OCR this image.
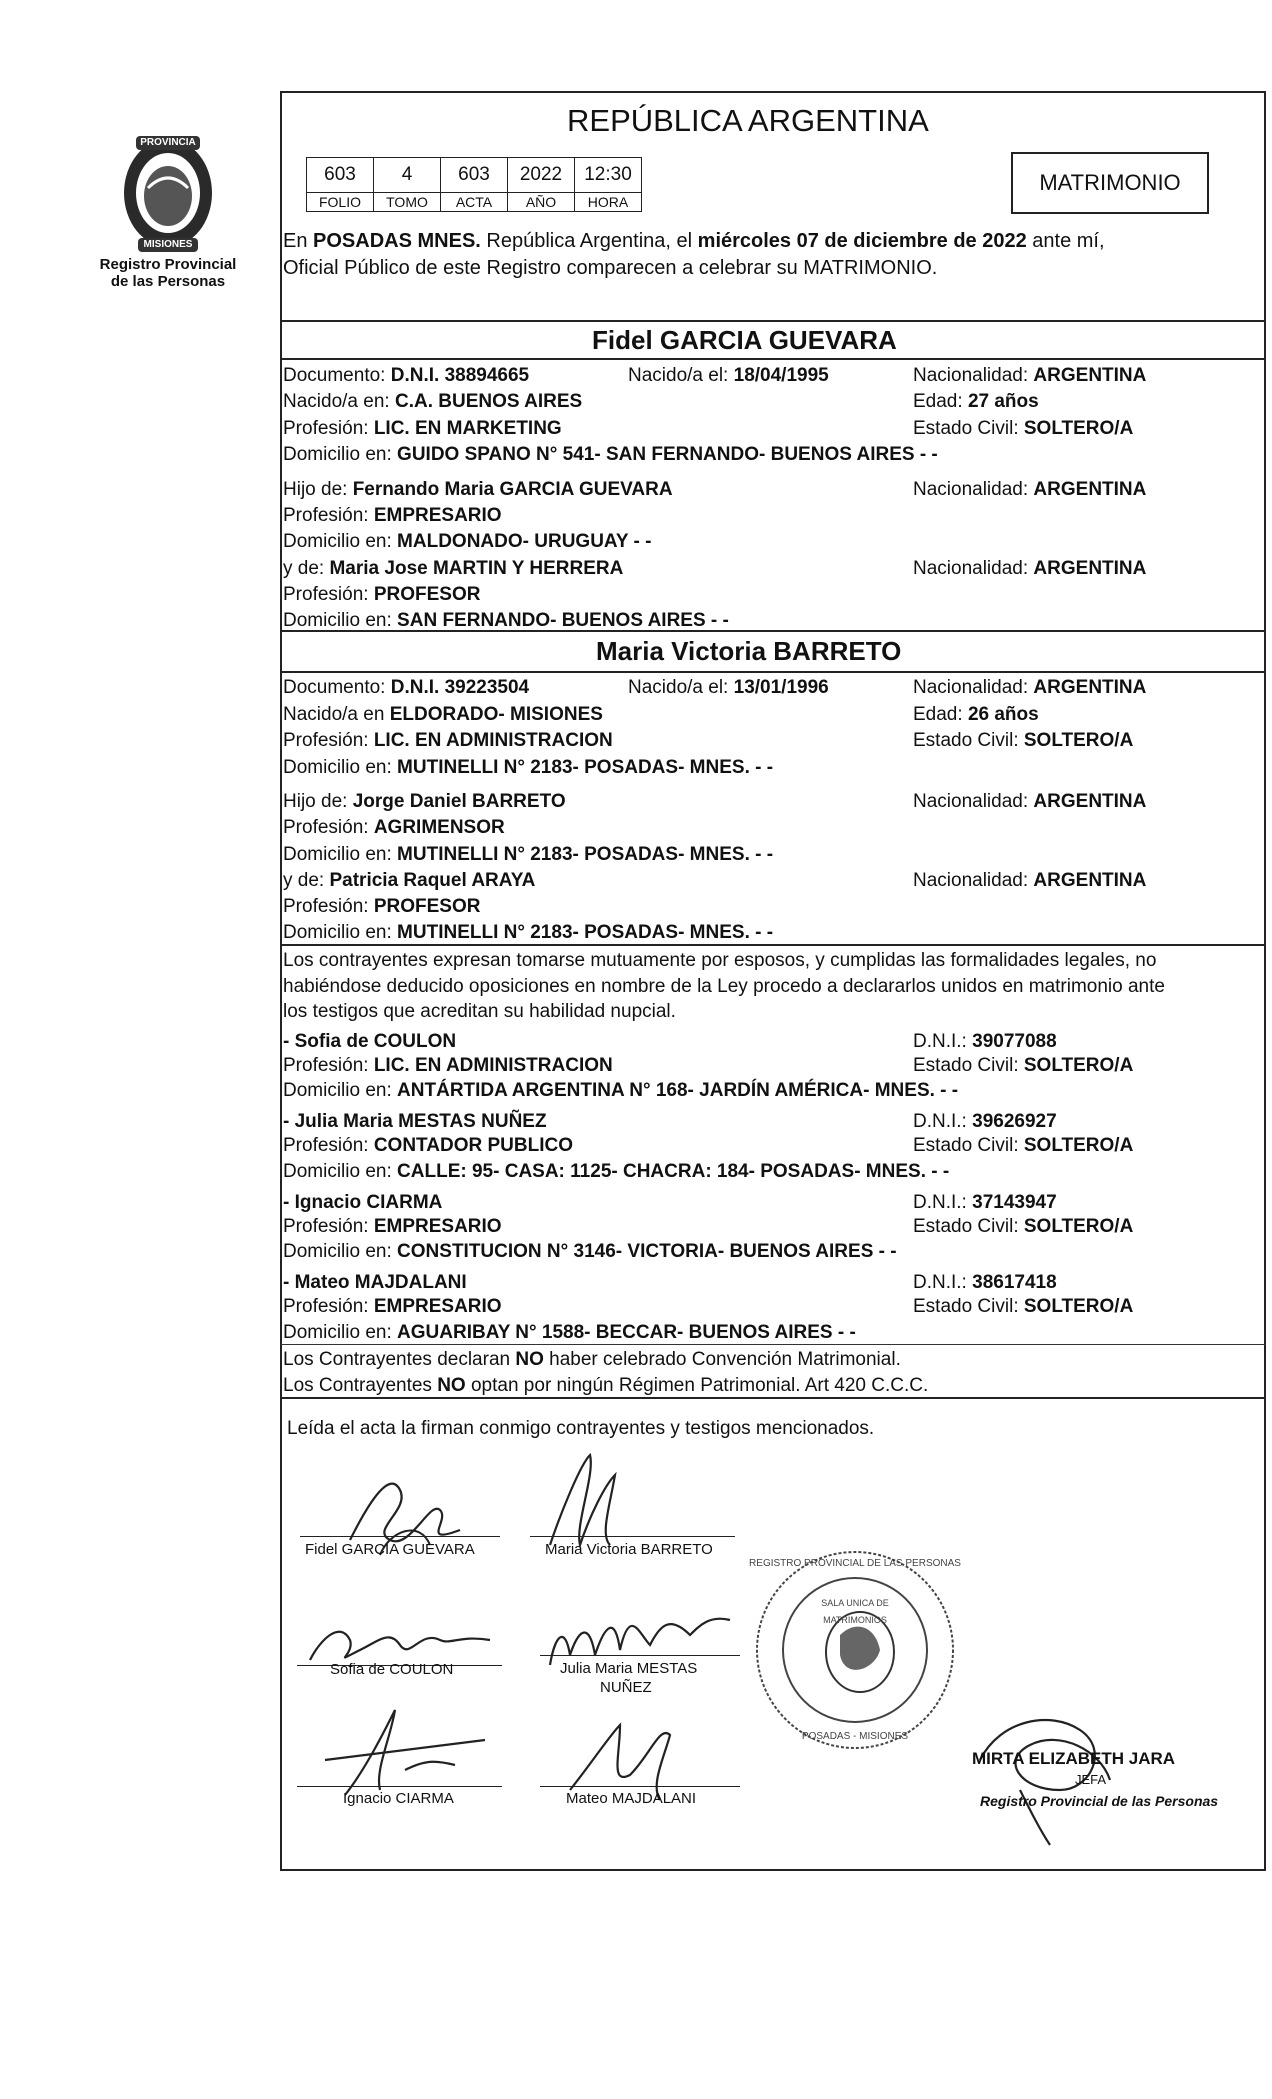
PROVINCIA
MISIONES
Registro Provincial
de las Personas
REPÚBLICA ARGENTINA
603	4	603	2022	12:30
FOLIO	TOMO	ACTA	AÑO	HORA
MATRIMONIO
En POSADAS MNES. República Argentina, el miércoles 07 de diciembre de 2022 ante mí,
Oficial Público de este Registro comparecen a celebrar su MATRIMONIO.
Fidel GARCIA GUEVARA
Documento: D.N.I. 38894665	Nacido/a el: 18/04/1995	Nacionalidad: ARGENTINA
Nacido/a en: C.A. BUENOS AIRES	Edad: 27 años
Profesión: LIC. EN MARKETING	Estado Civil: SOLTERO/A
Domicilio en: GUIDO SPANO N° 541- SAN FERNANDO- BUENOS AIRES - -
Hijo de: Fernando Maria GARCIA GUEVARA	Nacionalidad: ARGENTINA
Profesión: EMPRESARIO
Domicilio en: MALDONADO- URUGUAY - -
y de: Maria Jose MARTIN Y HERRERA	Nacionalidad: ARGENTINA
Profesión: PROFESOR
Domicilio en: SAN FERNANDO- BUENOS AIRES - -
Maria Victoria BARRETO
Documento: D.N.I. 39223504	Nacido/a el: 13/01/1996	Nacionalidad: ARGENTINA
Nacido/a en ELDORADO- MISIONES	Edad: 26 años
Profesión: LIC. EN ADMINISTRACION	Estado Civil: SOLTERO/A
Domicilio en: MUTINELLI N° 2183- POSADAS- MNES. - -
Hijo de: Jorge Daniel BARRETO	Nacionalidad: ARGENTINA
Profesión: AGRIMENSOR
Domicilio en: MUTINELLI N° 2183- POSADAS- MNES. - -
y de: Patricia Raquel ARAYA	Nacionalidad: ARGENTINA
Profesión: PROFESOR
Domicilio en: MUTINELLI N° 2183- POSADAS- MNES. - -
Los contrayentes expresan tomarse mutuamente por esposos, y cumplidas las formalidades legales, no
habiéndose deducido oposiciones en nombre de la Ley procedo a declararlos unidos en matrimonio ante
los testigos que acreditan su habilidad nupcial.
- Sofia de COULON	D.N.I.: 39077088
Profesión: LIC. EN ADMINISTRACION	Estado Civil: SOLTERO/A
Domicilio en: ANTÁRTIDA ARGENTINA N° 168- JARDÍN AMÉRICA- MNES. - -
- Julia Maria MESTAS NUÑEZ	D.N.I.: 39626927
Profesión: CONTADOR PUBLICO	Estado Civil: SOLTERO/A
Domicilio en: CALLE: 95- CASA: 1125- CHACRA: 184- POSADAS- MNES. - -
- Ignacio CIARMA	D.N.I.: 37143947
Profesión: EMPRESARIO	Estado Civil: SOLTERO/A
Domicilio en: CONSTITUCION N° 3146- VICTORIA- BUENOS AIRES - -
- Mateo MAJDALANI	D.N.I.: 38617418
Profesión: EMPRESARIO	Estado Civil: SOLTERO/A
Domicilio en: AGUARIBAY N° 1588- BECCAR- BUENOS AIRES - -
Los Contrayentes declaran NO haber celebrado Convención Matrimonial.
Los Contrayentes NO optan por ningún Régimen Patrimonial. Art 420 C.C.C.
Leída el acta la firman conmigo contrayentes y testigos mencionados.
Fidel GARCIA GUEVARA	Maria Victoria BARRETO
Sofia de COULON	Julia Maria MESTAS
NUÑEZ
Ignacio CIARMA	Mateo MAJDALANI
REGISTRO PROVINCIAL DE LAS PERSONAS
SALA UNICA DE MATRIMONIOS
POSADAS - MISIONES
MIRTA ELIZABETH JARA
JEFA
Registro Provincial de las Personas
